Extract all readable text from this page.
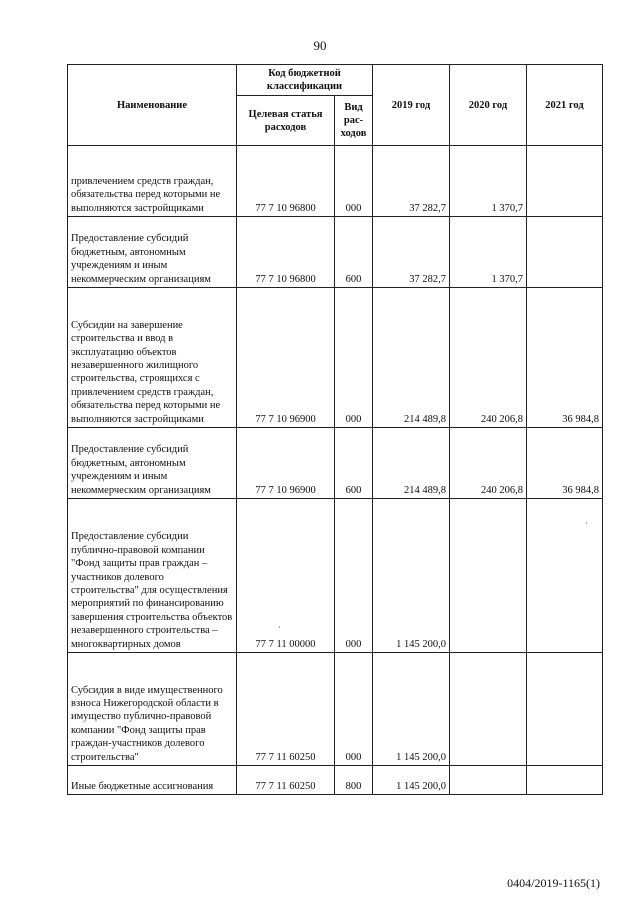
90
Наименование	Код бюджетной классификации		2019 год	2020 год	2021 год
	Целевая статья расходов	Вид рас- ходов			
привлечением средств граждан, обязательства перед которыми не выполняются застройщиками	77 7 10 96800	000	37 282,7	1 370,7	
Предоставление субсидий бюджетным, автономным учреждениям и иным некоммерческим организациям	77 7 10 96800	600	37 282,7	1 370,7	
Субсидии на завершение строительства и ввод в эксплуатацию объектов незавершенного жилищного строительства, строящихся с привлечением средств граждан, обязательства перед которыми не выполняются застройщиками	77 7 10 96900	000	214 489,8	240 206,8	36 984,8
Предоставление субсидий бюджетным, автономным учреждениям и иным некоммерческим организациям	77 7 10 96900	600	214 489,8	240 206,8	36 984,8
Предоставление субсидии публично-правовой компании "Фонд защиты прав граждан – участников долевого строительства" для осуществления мероприятий по финансированию завершения строительства объектов незавершенного строительства – многоквартирных домов	77 7 11 00000	000	1 145 200,0		
Субсидия в виде имущественного взноса Нижегородской области в имущество публично-правовой компании "Фонд защиты прав граждан-участников долевого строительства"	77 7 11 60250	000	1 145 200,0		
Иные бюджетные ассигнования	77 7 11 60250	800	1 145 200,0		
·
·
0404/2019-1165(1)
